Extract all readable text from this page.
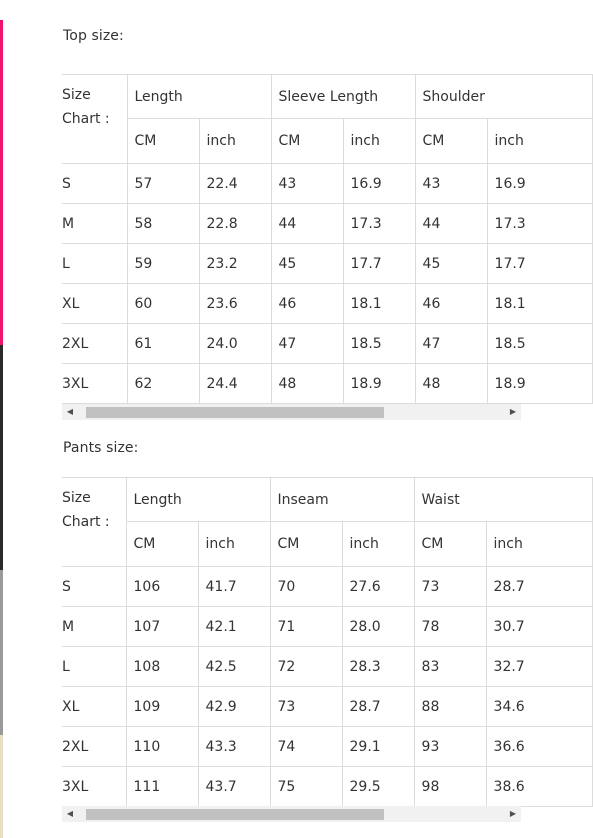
Top size:
Size Chart :	Length		Sleeve Length		Shoulder	
	CM	inch	CM	inch	CM	inch
S	57	22.4	43	16.9	43	16.9
M	58	22.8	44	17.3	44	17.3
L	59	23.2	45	17.7	45	17.7
XL	60	23.6	46	18.1	46	18.1
2XL	61	24.0	47	18.5	47	18.5
3XL	62	24.4	48	18.9	48	18.9
◀	▶
Pants size:
Size Chart :	Length		Inseam		Waist	
	CM	inch	CM	inch	CM	inch
S	106	41.7	70	27.6	73	28.7
M	107	42.1	71	28.0	78	30.7
L	108	42.5	72	28.3	83	32.7
XL	109	42.9	73	28.7	88	34.6
2XL	110	43.3	74	29.1	93	36.6
3XL	111	43.7	75	29.5	98	38.6
◀	▶
